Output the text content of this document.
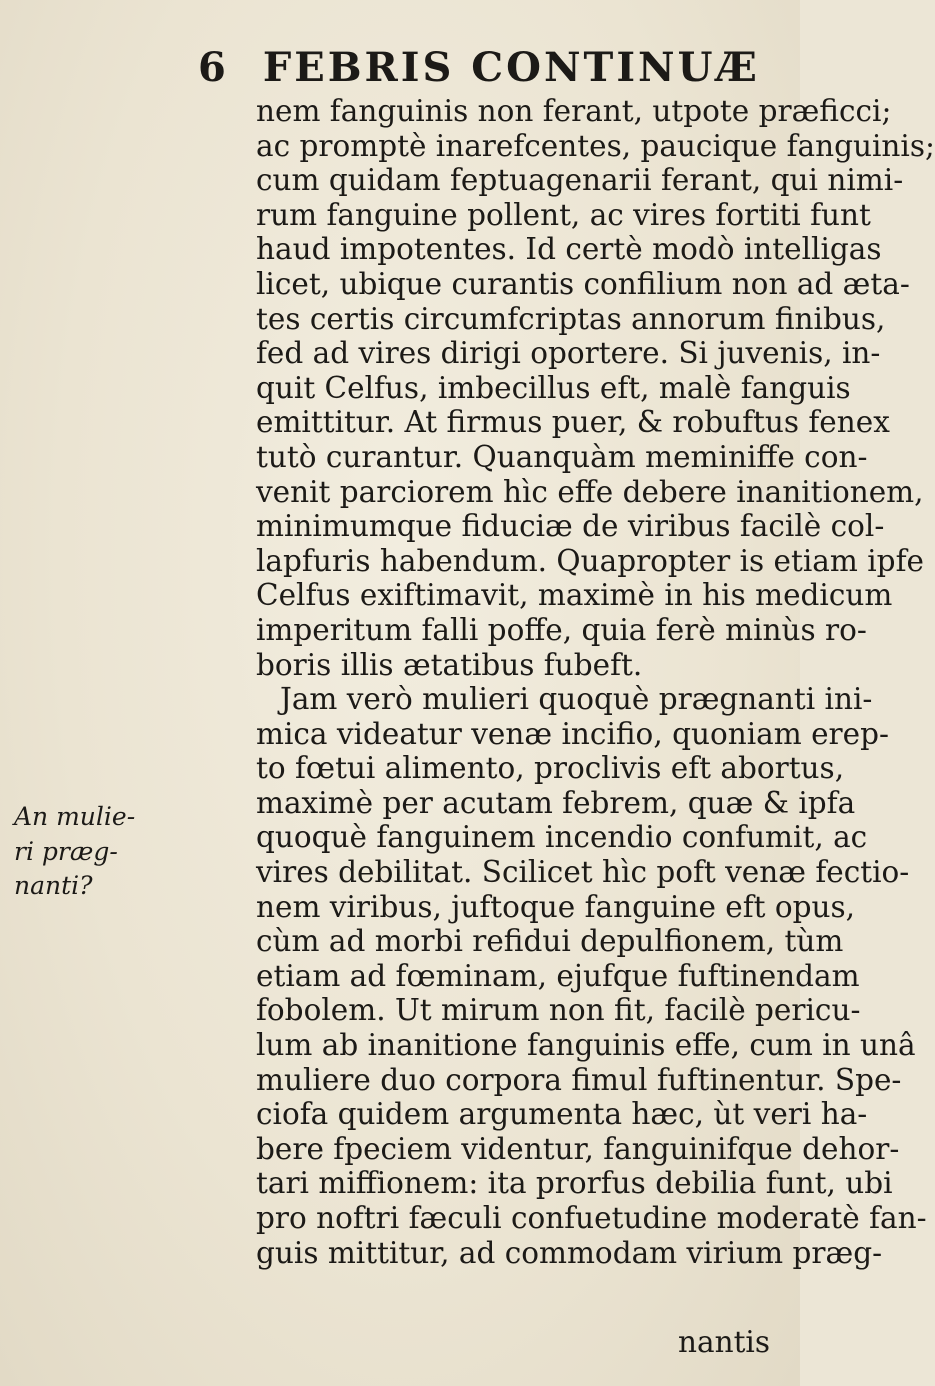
6 FEBRIS CONTINUÆ
An mulie-
ri præg-
nanti?
nem fanguinis non ferant, utpote præficci;
ac promptè inarefcentes, paucique fanguinis;
cum quidam feptuagenarii ferant, qui nimi-
rum fanguine pollent, ac vires fortiti funt
haud impotentes. Id certè modò intelligas
licet, ubique curantis confilium non ad æta-
tes certis circumfcriptas annorum finibus,
fed ad vires dirigi oportere. Si juvenis, in-
quit Celfus, imbecillus eft, malè fanguis
emittitur. At firmus puer, & robuftus fenex
tutò curantur. Quanquàm meminiffe con-
venit parciorem hìc effe debere inanitionem,
minimumque fiduciæ de viribus facilè col-
lapfuris habendum. Quapropter is etiam ipfe
Celfus exiftimavit, maximè in his medicum
imperitum falli poffe, quia ferè minùs ro-
boris illis ætatibus fubeft.
Jam verò mulieri quoquè prægnanti ini-
mica videatur venæ incifio, quoniam erep-
to fœtui alimento, proclivis eft abortus,
maximè per acutam febrem, quæ & ipfa
quoquè fanguinem incendio confumit, ac
vires debilitat. Scilicet hìc poft venæ fectio-
nem viribus, juftoque fanguine eft opus,
cùm ad morbi refidui depulfionem, tùm
etiam ad fœminam, ejufque fuftinendam
fobolem. Ut mirum non fit, facilè pericu-
lum ab inanitione fanguinis effe, cum in unâ
muliere duo corpora fimul fuftinentur. Spe-
ciofa quidem argumenta hæc, ùt veri ha-
bere fpeciem videntur, fanguinifque dehor-
tari miffionem: ita prorfus debilia funt, ubi
pro noftri fæculi confuetudine moderatè fan-
guis mittitur, ad commodam virium præg-
nantis
